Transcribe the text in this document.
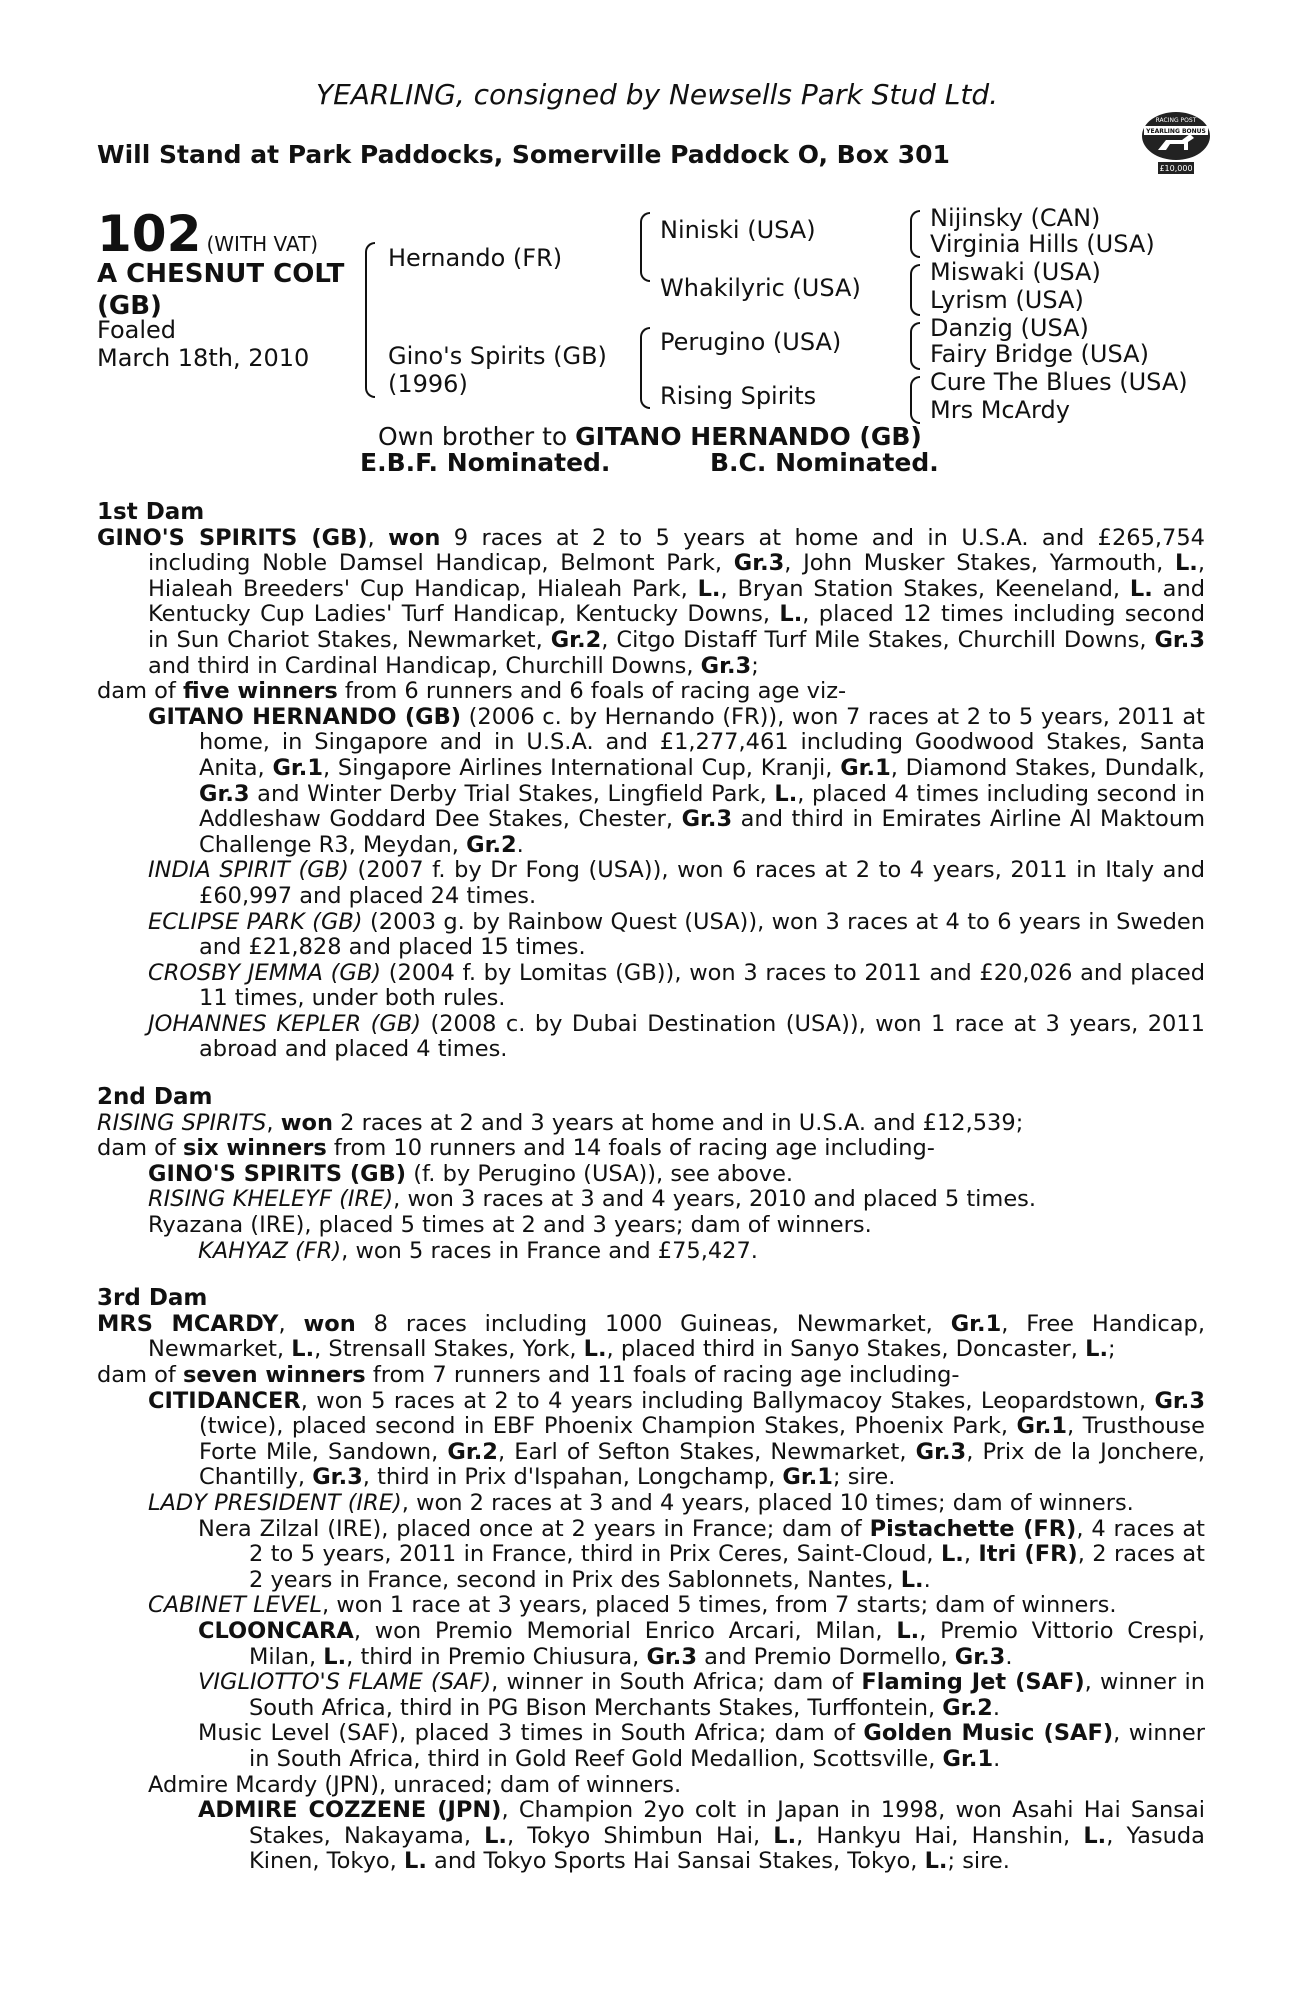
YEARLING, consigned by Newsells Park Stud Ltd.
Will Stand at Park Paddocks, Somerville Paddock O, Box 301
RACING POST
YEARLING BONUS
£10,000
102 (WITH VAT)
A CHESNUT COLT
(GB)
Foaled
March 18th, 2010
Hernando (FR)
Gino's Spirits (GB)
(1996)
Niniski (USA)
Whakilyric (USA)
Perugino (USA)
Rising Spirits
Nijinsky (CAN)
Virginia Hills (USA)
Miswaki (USA)
Lyrism (USA)
Danzig (USA)
Fairy Bridge (USA)
Cure The Blues (USA)
Mrs McArdy
Own brother to GITANO HERNANDO (GB)
E.B.F. Nominated.	B.C. Nominated.
1st Dam

GINO'S SPIRITS (GB), won 9 races at 2 to 5 years at home and in U.S.A. and £265,754 including Noble Damsel Handicap, Belmont Park, Gr.3, John Musker Stakes, Yarmouth, L., Hialeah Breeders' Cup Handicap, Hialeah Park, L., Bryan Station Stakes, Keeneland, L. and Kentucky Cup Ladies' Turf Handicap, Kentucky Downs, L., placed 12 times including second in Sun Chariot Stakes, Newmarket, Gr.2, Citgo Distaff Turf Mile Stakes, Churchill Downs, Gr.3 and third in Cardinal Handicap, Churchill Downs, Gr.3;

dam of five winners from 6 runners and 6 foals of racing age viz-

GITANO HERNANDO (GB) (2006 c. by Hernando (FR)), won 7 races at 2 to 5 years, 2011 at home, in Singapore and in U.S.A. and £1,277,461 including Goodwood Stakes, Santa Anita, Gr.1, Singapore Airlines International Cup, Kranji, Gr.1, Diamond Stakes, Dundalk, Gr.3 and Winter Derby Trial Stakes, Lingfield Park, L., placed 4 times including second in Addleshaw Goddard Dee Stakes, Chester, Gr.3 and third in Emirates Airline Al Maktoum Challenge R3, Meydan, Gr.2.

INDIA SPIRIT (GB) (2007 f. by Dr Fong (USA)), won 6 races at 2 to 4 years, 2011 in Italy and £60,997 and placed 24 times.

ECLIPSE PARK (GB) (2003 g. by Rainbow Quest (USA)), won 3 races at 4 to 6 years in Sweden and £21,828 and placed 15 times.

CROSBY JEMMA (GB) (2004 f. by Lomitas (GB)), won 3 races to 2011 and £20,026 and placed 11 times, under both rules.

JOHANNES KEPLER (GB) (2008 c. by Dubai Destination (USA)), won 1 race at 3 years, 2011 abroad and placed 4 times.

2nd Dam

RISING SPIRITS, won 2 races at 2 and 3 years at home and in U.S.A. and £12,539;

dam of six winners from 10 runners and 14 foals of racing age including-

GINO'S SPIRITS (GB) (f. by Perugino (USA)), see above.

RISING KHELEYF (IRE), won 3 races at 3 and 4 years, 2010 and placed 5 times.

Ryazana (IRE), placed 5 times at 2 and 3 years; dam of winners.

KAHYAZ (FR), won 5 races in France and £75,427.

3rd Dam

MRS MCARDY, won 8 races including 1000 Guineas, Newmarket, Gr.1, Free Handicap, Newmarket, L., Strensall Stakes, York, L., placed third in Sanyo Stakes, Doncaster, L.;

dam of seven winners from 7 runners and 11 foals of racing age including-

CITIDANCER, won 5 races at 2 to 4 years including Ballymacoy Stakes, Leopardstown, Gr.3 (twice), placed second in EBF Phoenix Champion Stakes, Phoenix Park, Gr.1, Trusthouse Forte Mile, Sandown, Gr.2, Earl of Sefton Stakes, Newmarket, Gr.3, Prix de la Jonchere, Chantilly, Gr.3, third in Prix d'Ispahan, Longchamp, Gr.1; sire.

LADY PRESIDENT (IRE), won 2 races at 3 and 4 years, placed 10 times; dam of winners.

Nera Zilzal (IRE), placed once at 2 years in France; dam of Pistachette (FR), 4 races at 2 to 5 years, 2011 in France, third in Prix Ceres, Saint-Cloud, L., Itri (FR), 2 races at 2 years in France, second in Prix des Sablonnets, Nantes, L..

CABINET LEVEL, won 1 race at 3 years, placed 5 times, from 7 starts; dam of winners.

CLOONCARA, won Premio Memorial Enrico Arcari, Milan, L., Premio Vittorio Crespi, Milan, L., third in Premio Chiusura, Gr.3 and Premio Dormello, Gr.3.

VIGLIOTTO'S FLAME (SAF), winner in South Africa; dam of Flaming Jet (SAF), winner in South Africa, third in PG Bison Merchants Stakes, Turffontein, Gr.2.

Music Level (SAF), placed 3 times in South Africa; dam of Golden Music (SAF), winner in South Africa, third in Gold Reef Gold Medallion, Scottsville, Gr.1.

Admire Mcardy (JPN), unraced; dam of winners.

ADMIRE COZZENE (JPN), Champion 2yo colt in Japan in 1998, won Asahi Hai Sansai Stakes, Nakayama, L., Tokyo Shimbun Hai, L., Hankyu Hai, Hanshin, L., Yasuda Kinen, Tokyo, L. and Tokyo Sports Hai Sansai Stakes, Tokyo, L.; sire.
